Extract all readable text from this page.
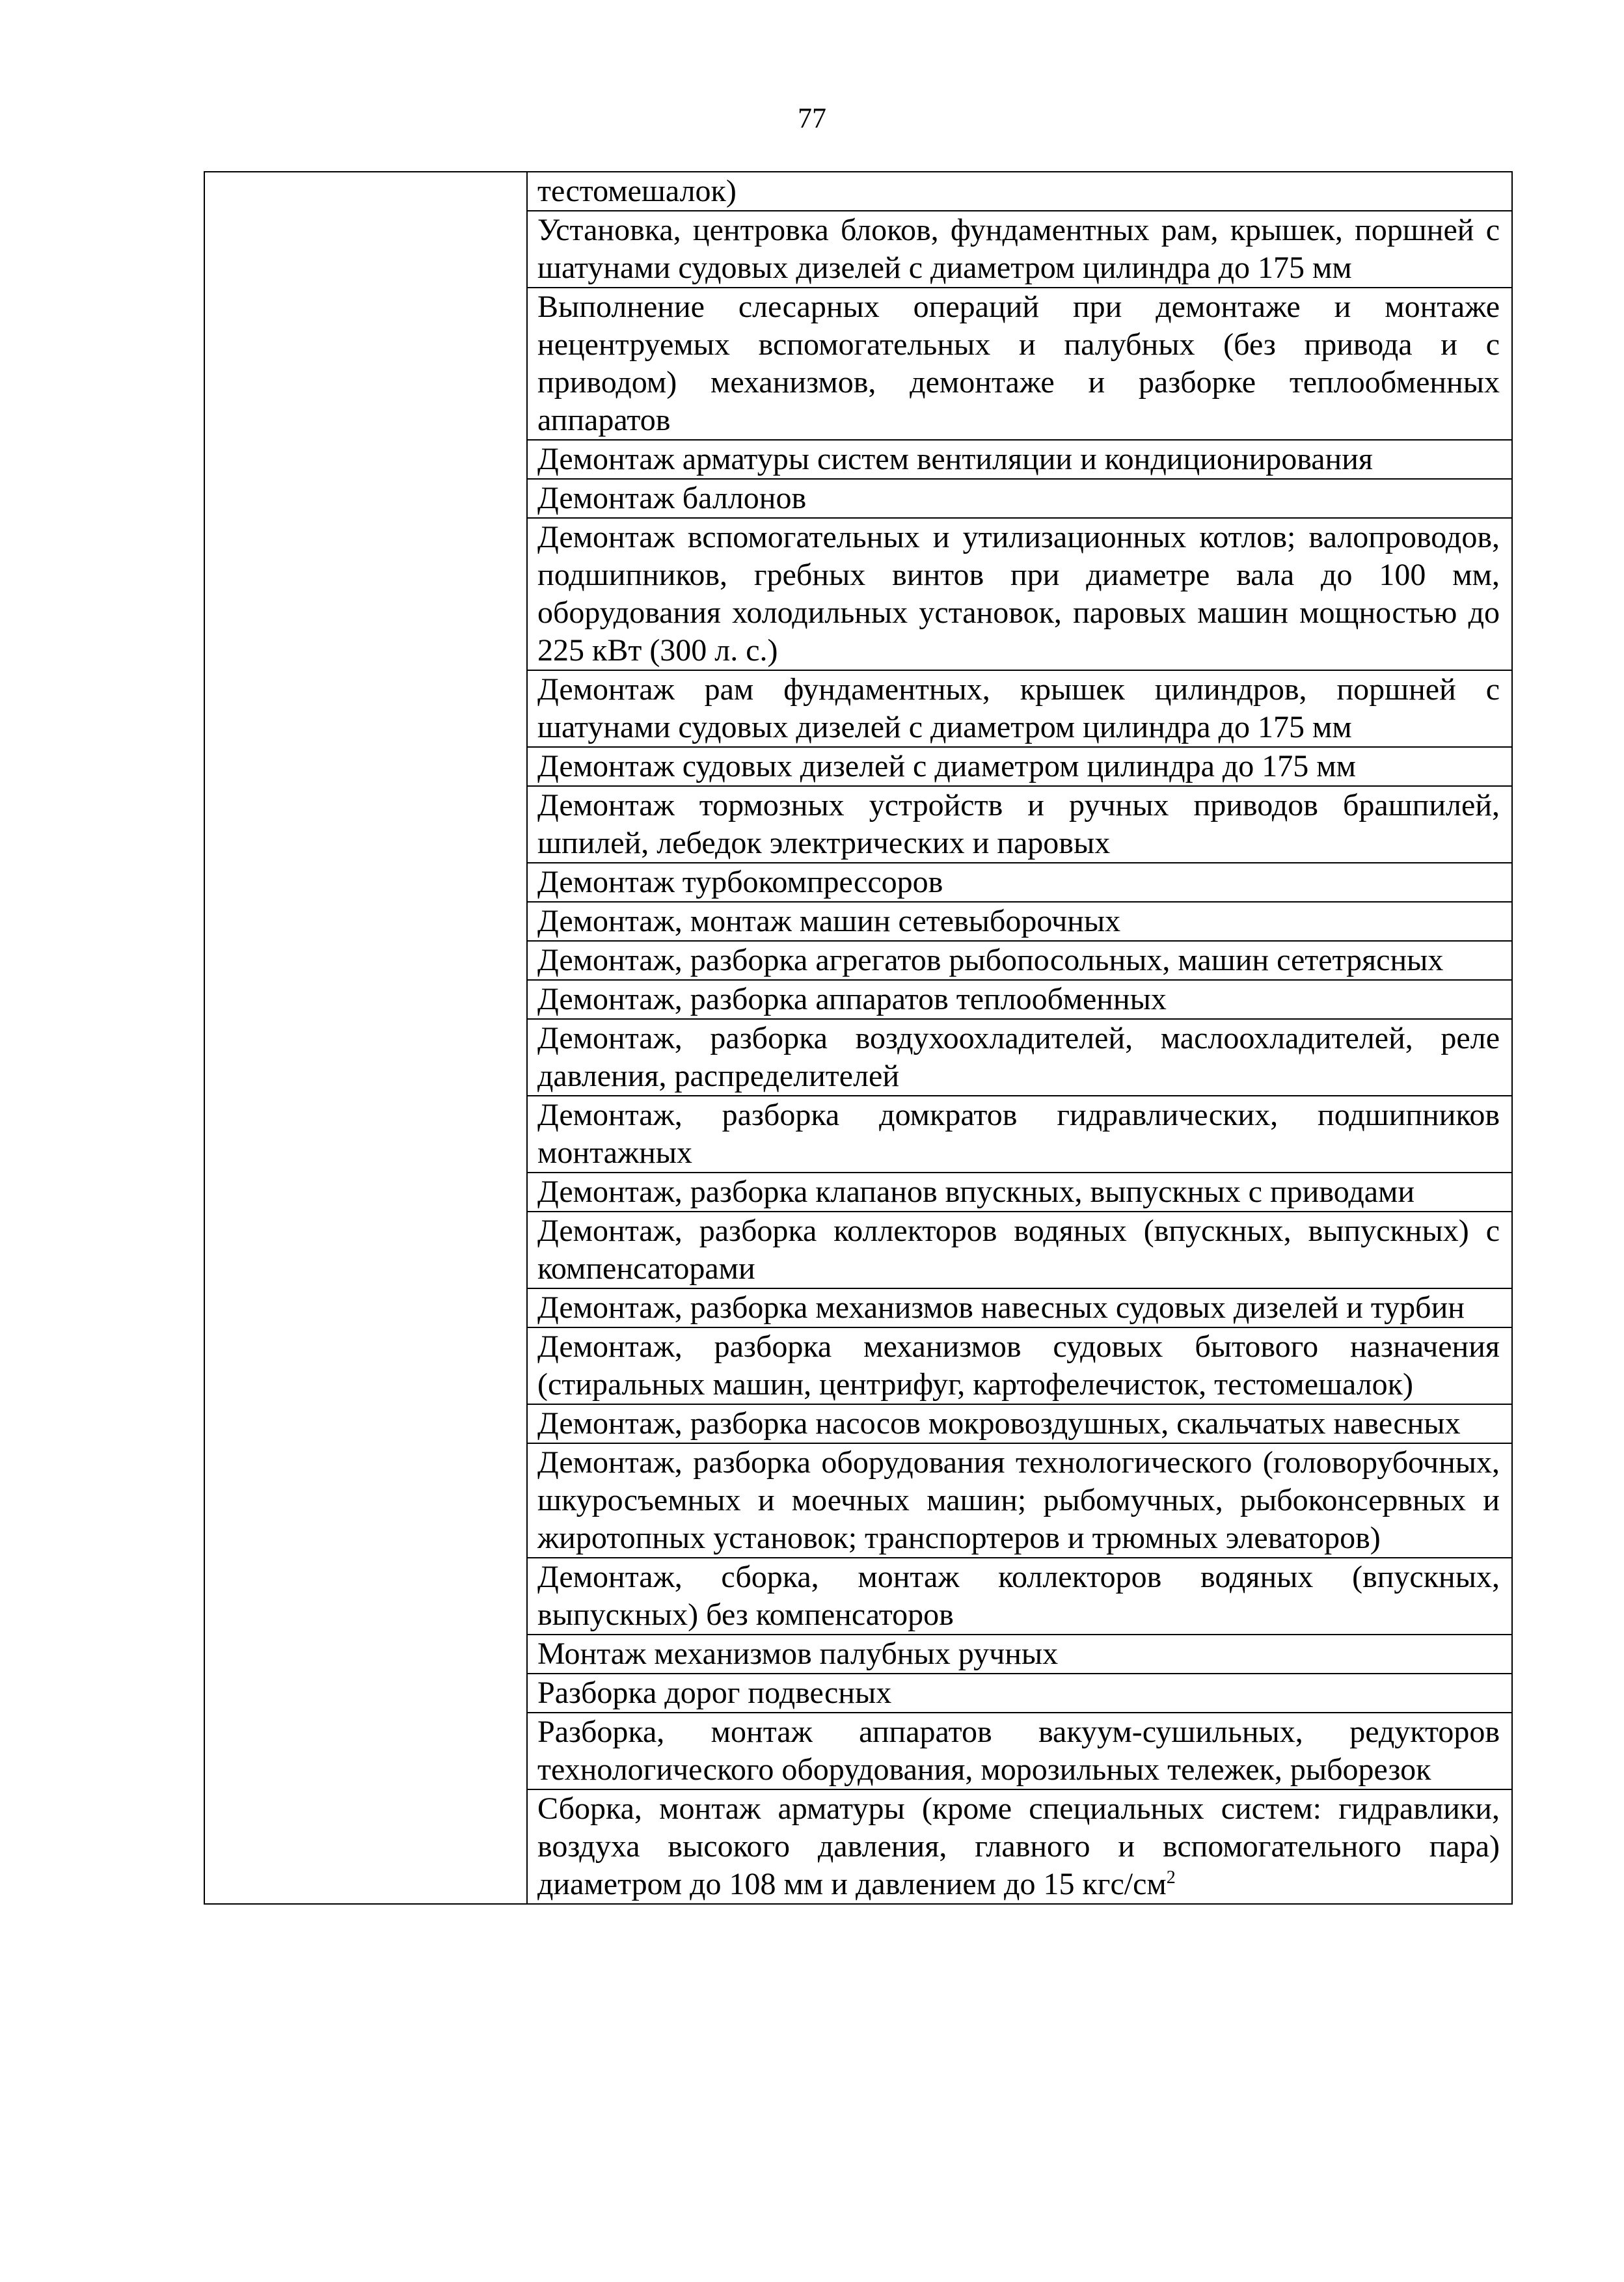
77

тестомешалок)

Установка, центровка блоков, фундаментных рам, крышек, поршней с шатунами судовых дизелей с диаметром цилиндра до 175 мм

Выполнение слесарных операций при демонтаже и монтаже нецентруемых вспомогательных и палубных (без привода и с приводом) механизмов, демонтаже и разборке теплообменных аппаратов

Демонтаж арматуры систем вентиляции и кондиционирования

Демонтаж баллонов

Демонтаж вспомогательных и утилизационных котлов; валопроводов, подшипников, гребных винтов при диаметре вала до 100 мм, оборудования холодильных установок, паровых машин мощностью до 225 кВт (300 л. с.)

Демонтаж рам фундаментных, крышек цилиндров, поршней с шатунами судовых дизелей с диаметром цилиндра до 175 мм

Демонтаж судовых дизелей с диаметром цилиндра до 175 мм

Демонтаж тормозных устройств и ручных приводов брашпилей, шпилей, лебедок электрических и паровых

Демонтаж турбокомпрессоров

Демонтаж, монтаж машин сетевыборочных

Демонтаж, разборка агрегатов рыбопосольных, машин сететрясных

Демонтаж, разборка аппаратов теплообменных

Демонтаж, разборка воздухоохладителей, маслоохладителей, реле давления, распределителей

Демонтаж, разборка домкратов гидравлических, подшипников монтажных

Демонтаж, разборка клапанов впускных, выпускных с приводами

Демонтаж, разборка коллекторов водяных (впускных, выпускных) с компенсаторами

Демонтаж, разборка механизмов навесных судовых дизелей и турбин

Демонтаж, разборка механизмов судовых бытового назначения (стиральных машин, центрифуг, картофелечисток, тестомешалок)

Демонтаж, разборка насосов мокровоздушных, скальчатых навесных

Демонтаж, разборка оборудования технологического (головорубочных, шкуросъемных и моечных машин; рыбомучных, рыбоконсервных и жиротопных установок; транспортеров и трюмных элеваторов)

Демонтаж, сборка, монтаж коллекторов водяных (впускных, выпускных) без компенсаторов

Монтаж механизмов палубных ручных

Разборка дорог подвесных

Разборка, монтаж аппаратов вакуум-сушильных, редукторов технологического оборудования, морозильных тележек, рыборезок

Сборка, монтаж арматуры (кроме специальных систем: гидравлики, воздуха высокого давления, главного и вспомогательного пара) диаметром до 108 мм и давлением до 15 кгс/$см^2$
